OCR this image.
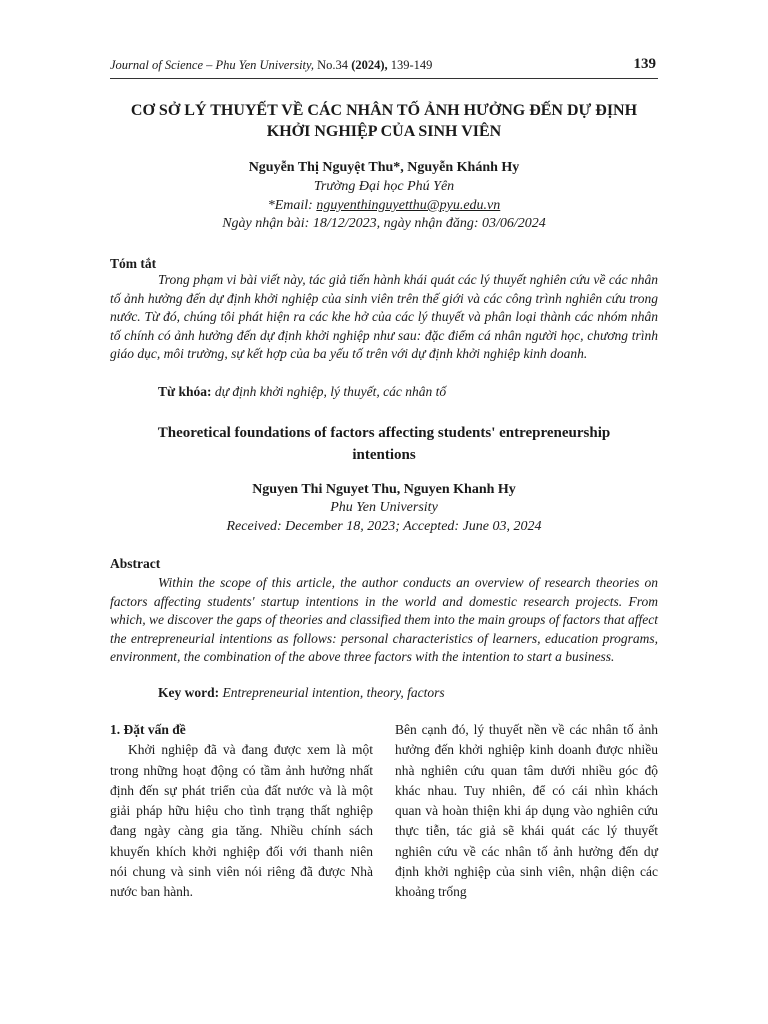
Journal of Science – Phu Yen University, No.34 (2024), 139-149	139
CƠ SỞ LÝ THUYẾT VỀ CÁC NHÂN TỐ ẢNH HƯỞNG ĐẾN DỰ ĐỊNH
KHỞI NGHIỆP CỦA SINH VIÊN
Nguyễn Thị Nguyệt Thu*, Nguyễn Khánh Hy
Trường Đại học Phú Yên
*Email: nguyenthinguyetthu@pyu.edu.vn
Ngày nhận bài: 18/12/2023, ngày nhận đăng: 03/06/2024
Tóm tắt

Trong phạm vi bài viết này, tác giả tiến hành khái quát các lý thuyết nghiên cứu về các nhân tố ảnh hưởng đến dự định khởi nghiệp của sinh viên trên thế giới và các công trình nghiên cứu trong nước. Từ đó, chúng tôi phát hiện ra các khe hở của các lý thuyết và phân loại thành các nhóm nhân tố chính có ảnh hưởng đến dự định khởi nghiệp như sau: đặc điểm cá nhân người học, chương trình giáo dục, môi trường, sự kết hợp của ba yếu tố trên với dự định khởi nghiệp kinh doanh.

Từ khóa: dự định khởi nghiệp, lý thuyết, các nhân tố
Theoretical foundations of factors affecting students' entrepreneurship
intentions
Nguyen Thi Nguyet Thu, Nguyen Khanh Hy
Phu Yen University
Received: December 18, 2023; Accepted: June 03, 2024
Abstract

Within the scope of this article, the author conducts an overview of research theories on factors affecting students' startup intentions in the world and domestic research projects. From which, we discover the gaps of theories and classified them into the main groups of factors that affect the entrepreneurial intentions as follows: personal characteristics of learners, education programs, environment, the combination of the above three factors with the intention to start a business.

Key word: Entrepreneurial intention, theory, factors
1. Đặt vấn đề

Khởi nghiệp đã và đang được xem là một trong những hoạt động có tầm ảnh hưởng nhất định đến sự phát triển của đất nước và là một giải pháp hữu hiệu cho tình trạng thất nghiệp đang ngày càng gia tăng. Nhiều chính sách khuyến khích khởi nghiệp đối với thanh niên nói chung và sinh viên nói riêng đã được Nhà nước ban hành.

Bên cạnh đó, lý thuyết nền về các nhân tố ảnh hưởng đến khởi nghiệp kinh doanh được nhiều nhà nghiên cứu quan tâm dưới nhiều góc độ khác nhau. Tuy nhiên, để có cái nhìn khách quan và hoàn thiện khi áp dụng vào nghiên cứu thực tiễn, tác giả sẽ khái quát các lý thuyết nghiên cứu về các nhân tố ảnh hưởng đến dự định khởi nghiệp của sinh viên, nhận diện các khoảng trống
